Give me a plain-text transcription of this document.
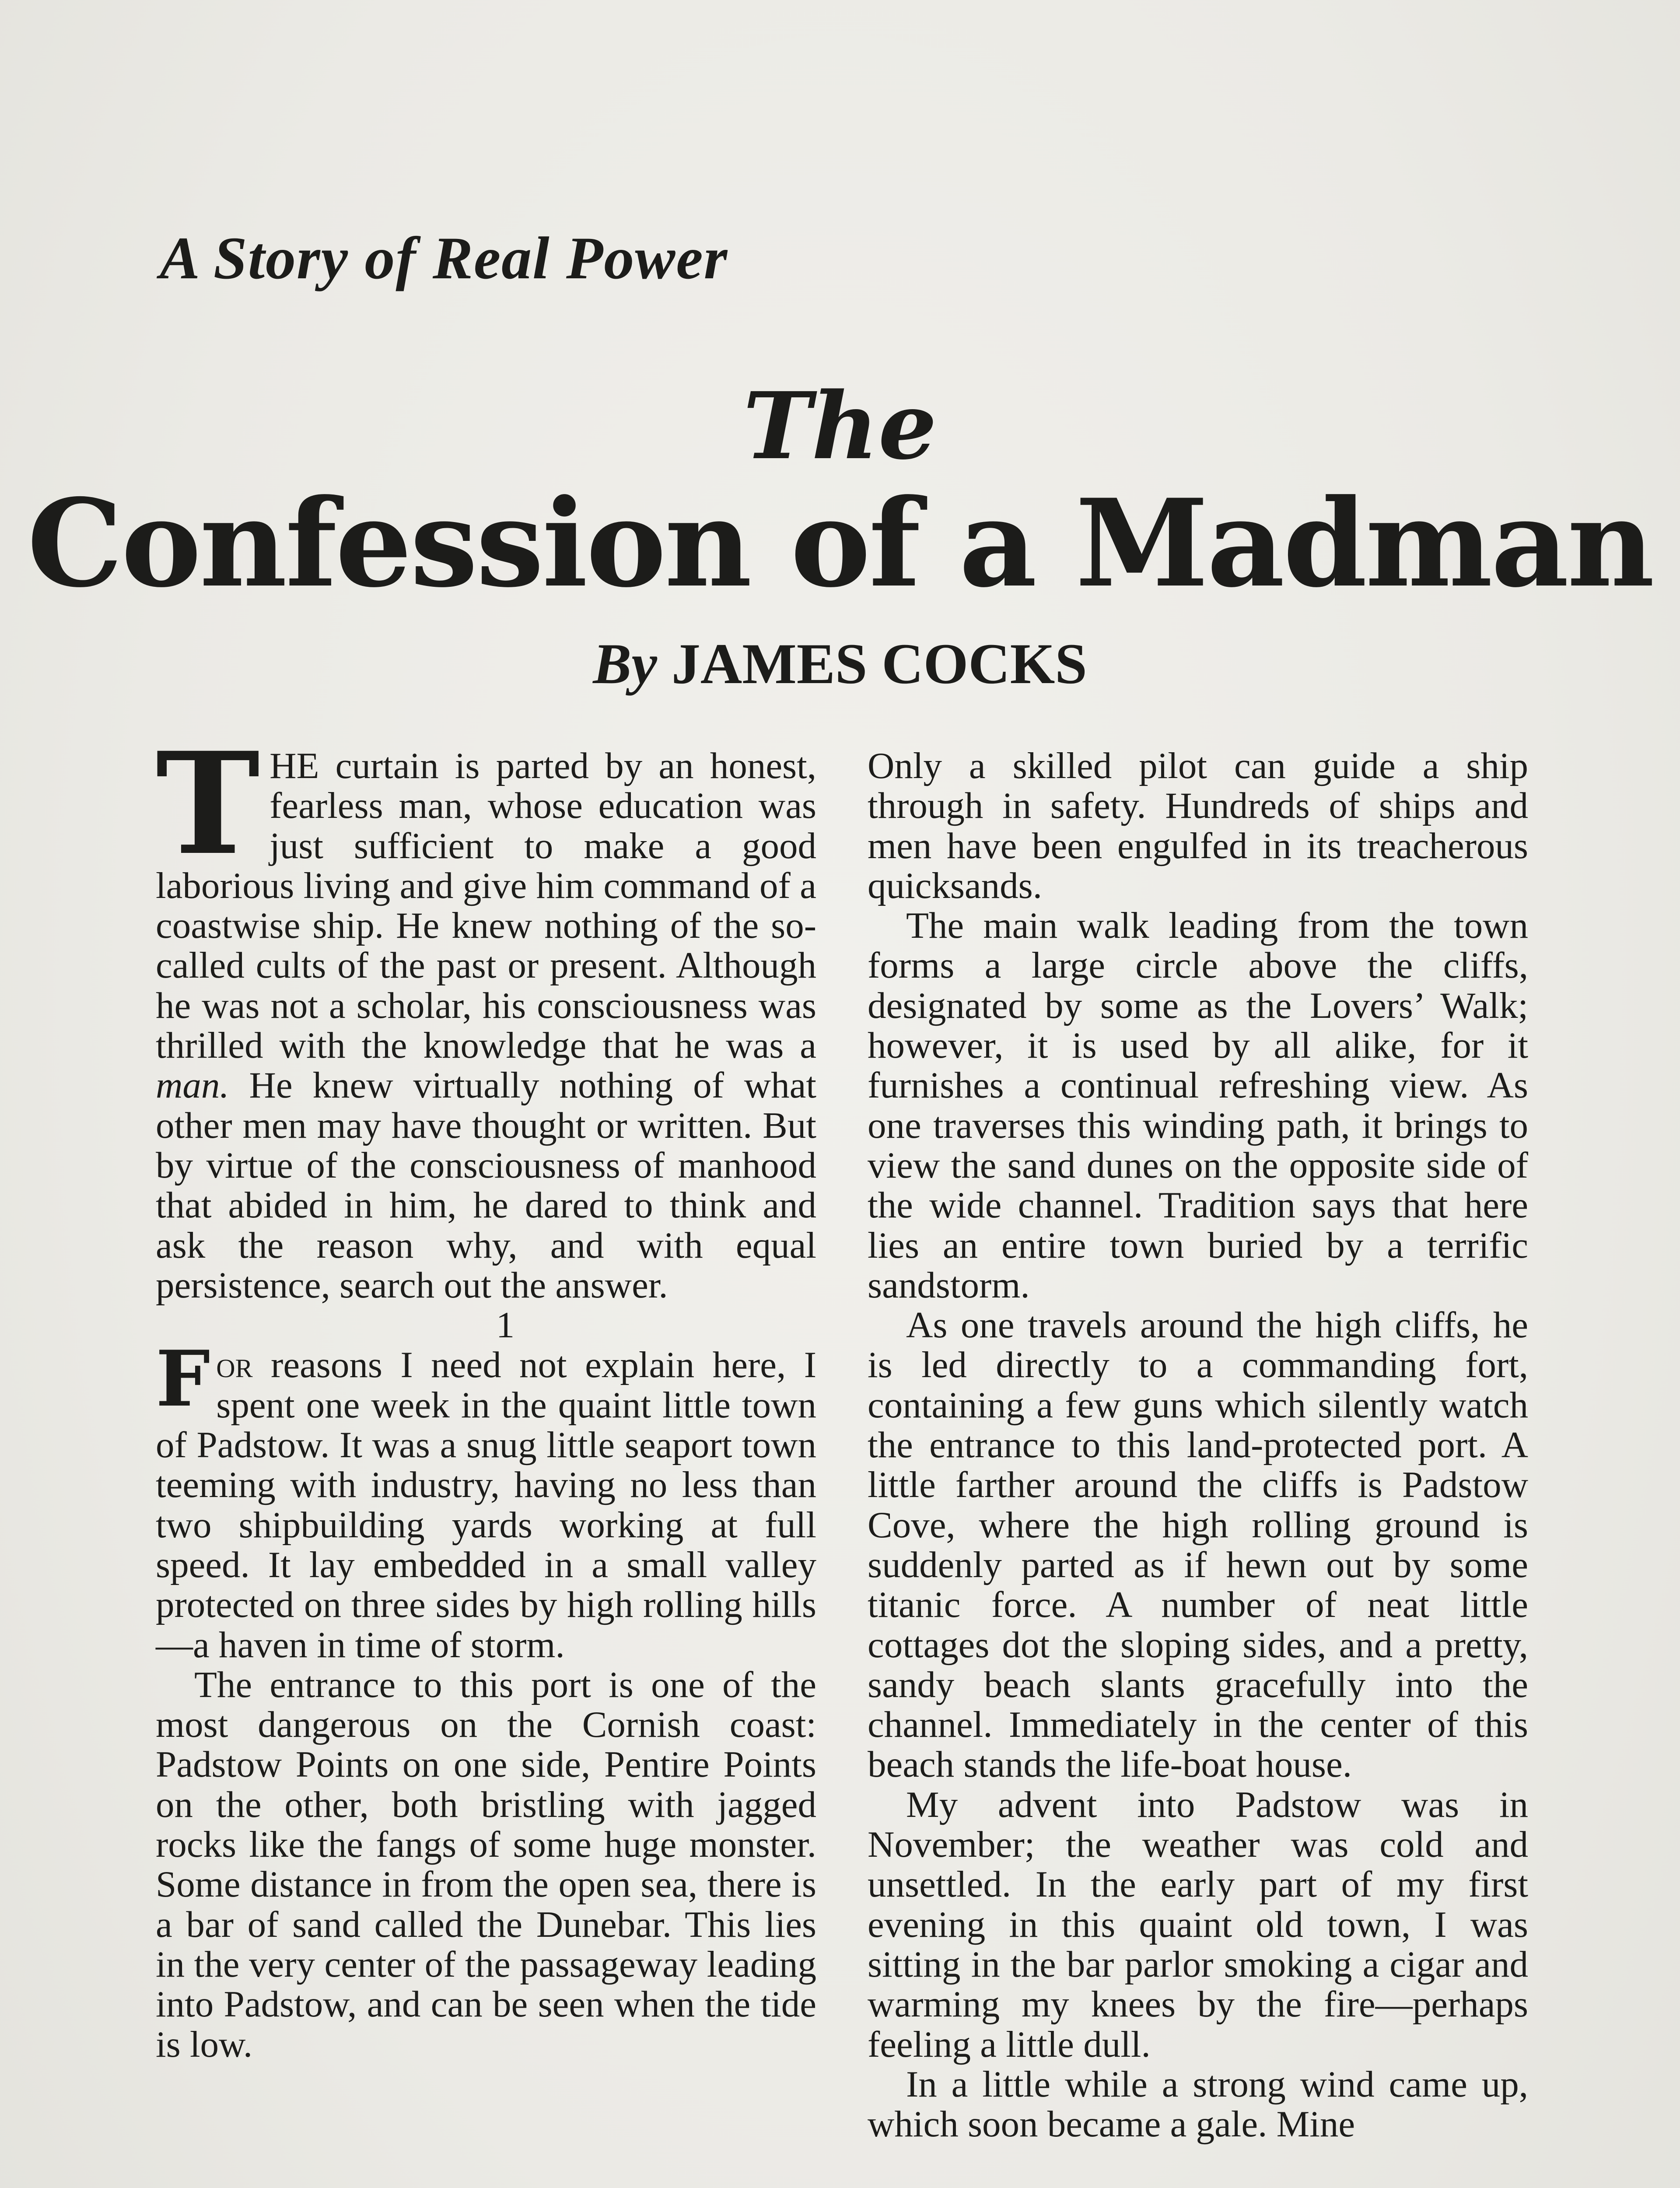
A Story of Real Power
The
Confession of a Madman
By JAMES COCKS

THE curtain is parted by an honest, fearless man, whose education was just sufficient to make a good laborious living and give him command of a coastwise ship. He knew nothing of the so-called cults of the past or present. Although he was not a scholar, his consciousness was thrilled with the knowledge that he was a man. He knew virtually nothing of what other men may have thought or written. But by virtue of the consciousness of manhood that abided in him, he dared to think and ask the reason why, and with equal persistence, search out the answer.

1

For reasons I need not explain here, I spent one week in the quaint little town of Padstow. It was a snug little seaport town teeming with industry, having no less than two shipbuilding yards working at full speed. It lay embedded in a small valley protected on three sides by high rolling hills—a haven in time of storm.

The entrance to this port is one of the most dangerous on the Cornish coast: Padstow Points on one side, Pentire Points on the other, both bristling with jagged rocks like the fangs of some huge monster. Some distance in from the open sea, there is a bar of sand called the Dunebar. This lies in the very center of the passageway leading into Padstow, and can be seen when the tide is low.

Only a skilled pilot can guide a ship through in safety. Hundreds of ships and men have been engulfed in its treacherous quicksands.

The main walk leading from the town forms a large circle above the cliffs, designated by some as the Lovers’ Walk; however, it is used by all alike, for it furnishes a continual refreshing view. As one traverses this winding path, it brings to view the sand dunes on the opposite side of the wide channel. Tradition says that here lies an entire town buried by a terrific sandstorm.

As one travels around the high cliffs, he is led directly to a commanding fort, containing a few guns which silently watch the entrance to this land-protected port. A little farther around the cliffs is Padstow Cove, where the high rolling ground is suddenly parted as if hewn out by some titanic force. A number of neat little cottages dot the sloping sides, and a pretty, sandy beach slants gracefully into the channel. Immediately in the center of this beach stands the life-boat house.

My advent into Padstow was in November; the weather was cold and unsettled. In the early part of my first evening in this quaint old town, I was sitting in the bar parlor smoking a cigar and warming my knees by the fire—perhaps feeling a little dull.

In a little while a strong wind came up, which soon became a gale. Mine
